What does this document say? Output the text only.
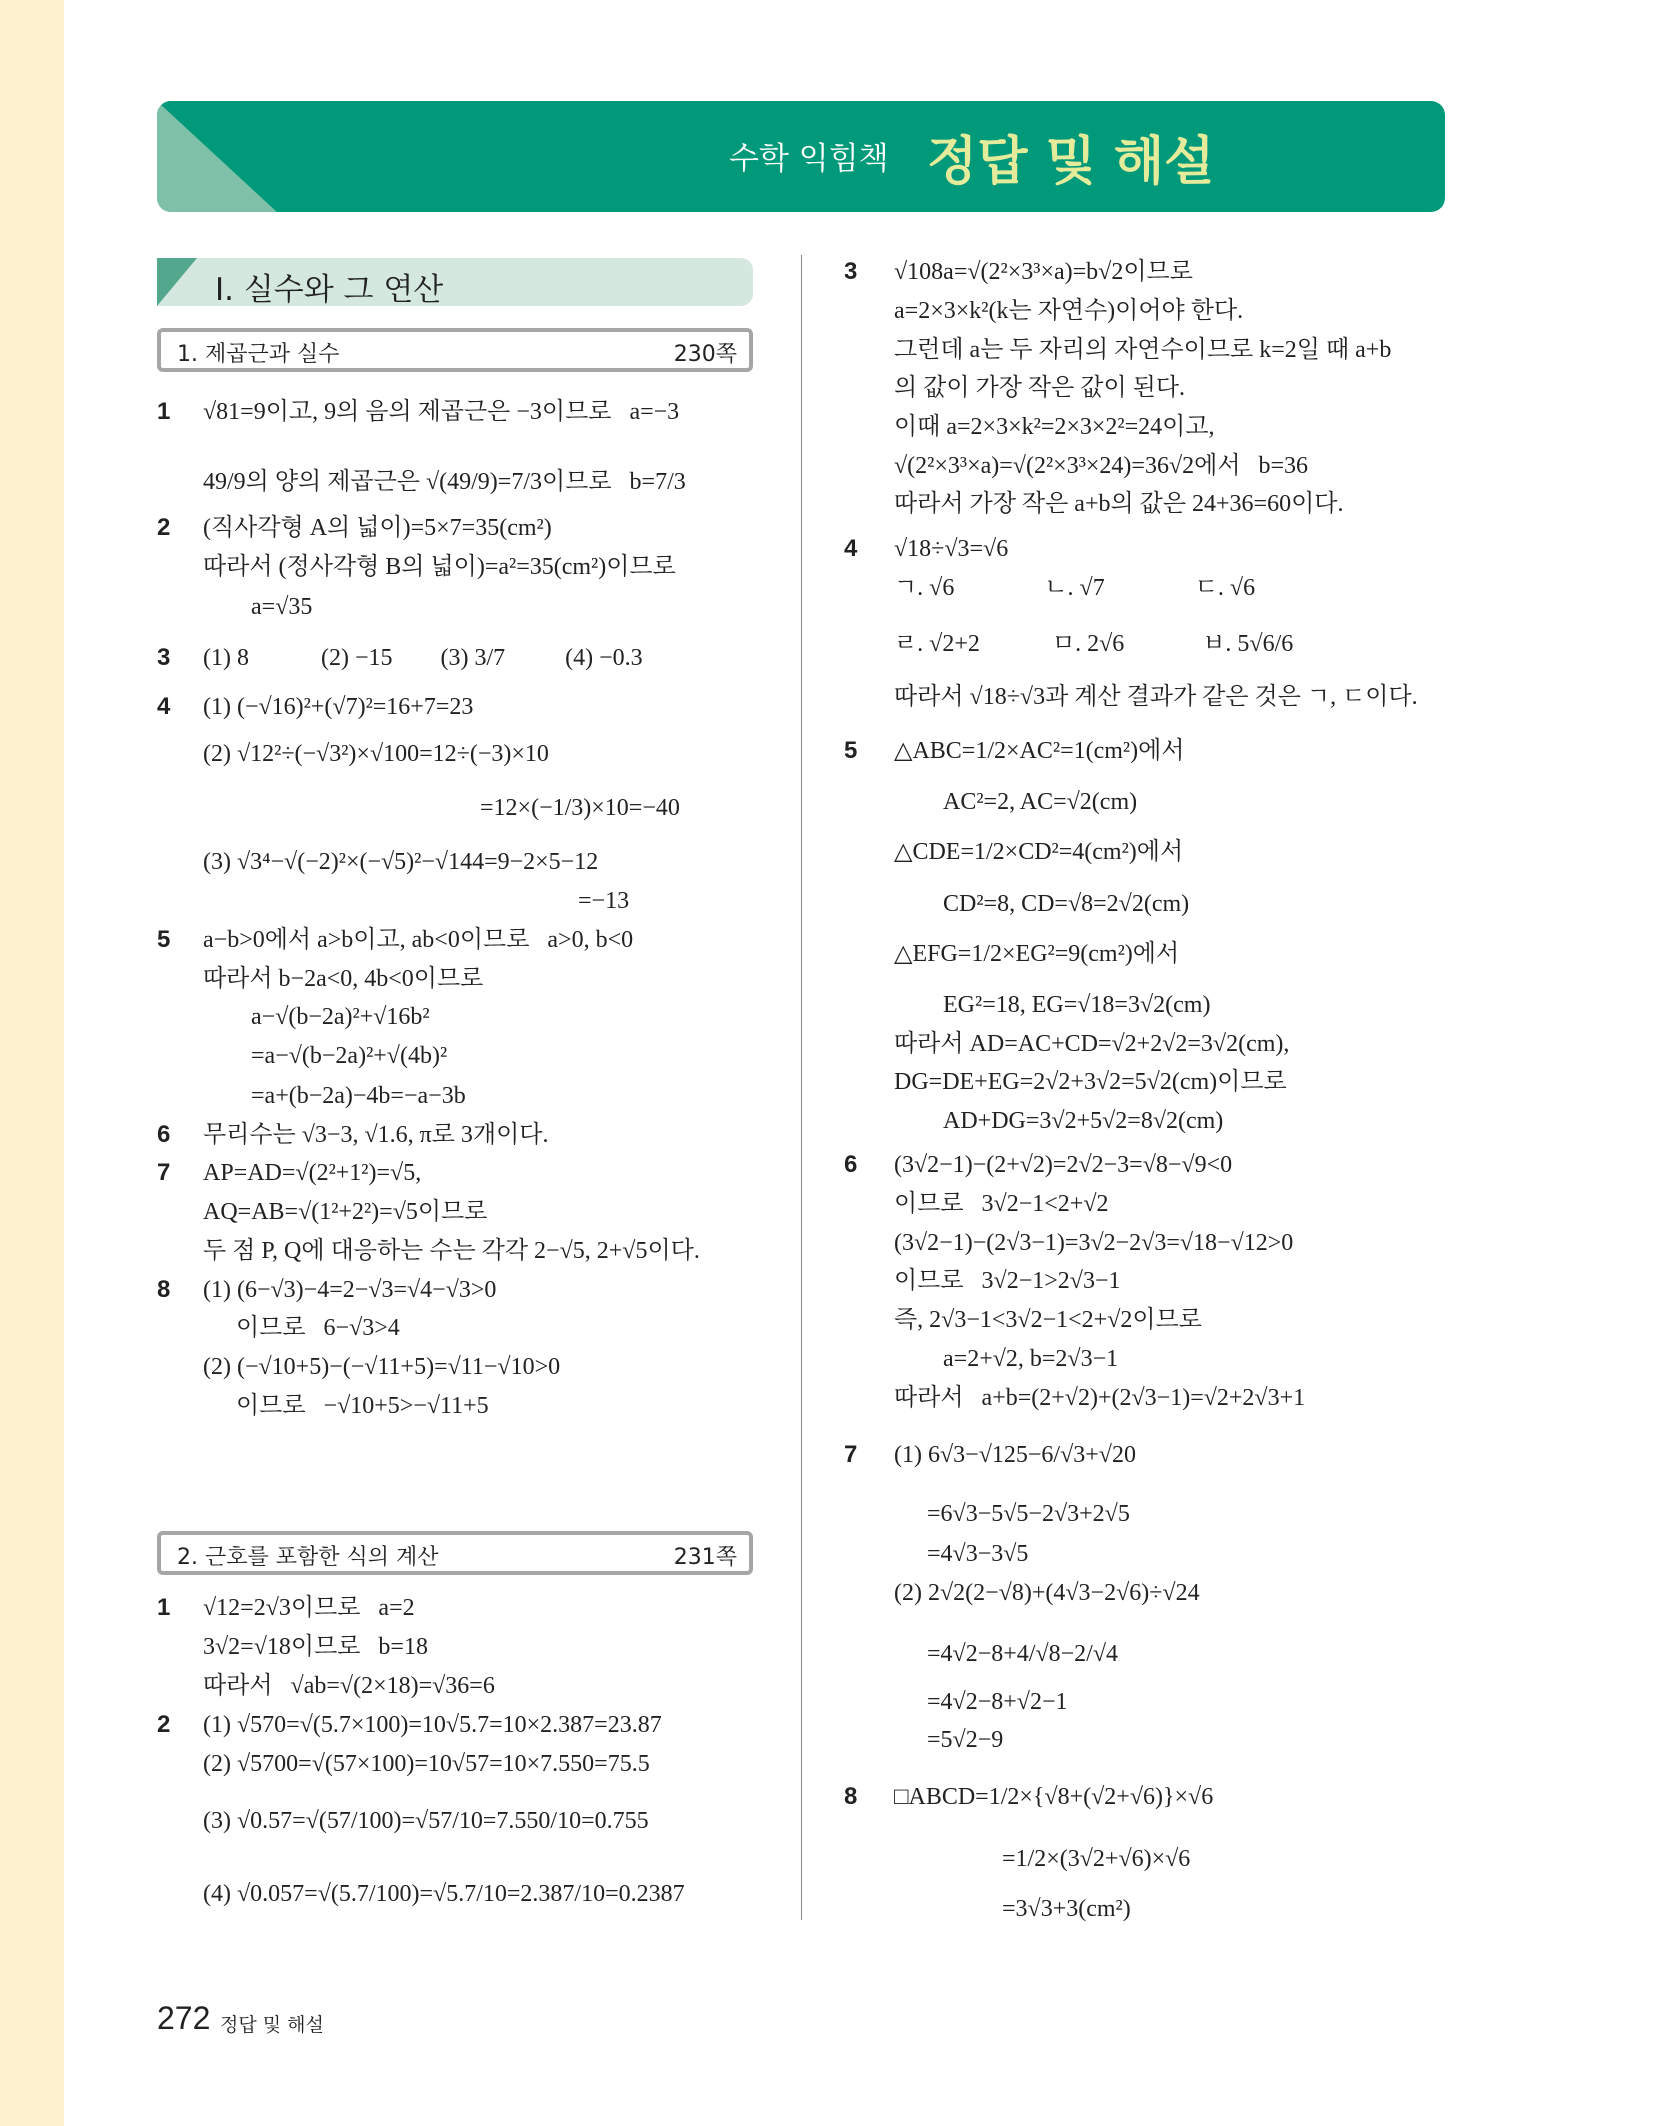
수학 익힘책 정답 및 해설
Ⅰ. 실수와 그 연산
1. 제곱근과 실수	230쪽
2. 근호를 포함한 식의 계산	231쪽
1 √81=9이고, 9의 음의 제곱근은 −3이므로   a=−3
49/9의 양의 제곱근은 √(49/9)=7/3이므로   b=7/3
2 (직사각형 A의 넓이)=5×7=35(cm²)
따라서 (정사각형 B의 넓이)=a²=35(cm²)이므로
a=√35
3 (1) 8            (2) −15        (3) 3/7          (4) −0.3
4 (1) (−√16)²+(√7)²=16+7=23
(2) √12²÷(−√3²)×√100=12÷(−3)×10
=12×(−1/3)×10=−40
(3) √3⁴−√(−2)²×(−√5)²−√144=9−2×5−12
=−13
5 a−b>0에서 a>b이고, ab<0이므로   a>0, b<0
따라서 b−2a<0, 4b<0이므로
a−√(b−2a)²+√16b²
=a−√(b−2a)²+√(4b)²
=a+(b−2a)−4b=−a−3b
6 무리수는 √3−3, √1.6, π로 3개이다.
7 AP=AD=√(2²+1²)=√5,
AQ=AB=√(1²+2²)=√5이므로
두 점 P, Q에 대응하는 수는 각각 2−√5, 2+√5이다.
8 (1) (6−√3)−4=2−√3=√4−√3>0
이므로   6−√3>4
(2) (−√10+5)−(−√11+5)=√11−√10>0
이므로   −√10+5>−√11+5
1 √12=2√3이므로   a=2
3√2=√18이므로   b=18
따라서   √ab=√(2×18)=√36=6
2 (1) √570=√(5.7×100)=10√5.7=10×2.387=23.87
(2) √5700=√(57×100)=10√57=10×7.550=75.5
(3) √0.57=√(57/100)=√57/10=7.550/10=0.755
(4) √0.057=√(5.7/100)=√5.7/10=2.387/10=0.2387
3 √108a=√(2²×3³×a)=b√2이므로
a=2×3×k²(k는 자연수)이어야 한다.
그런데 a는 두 자리의 자연수이므로 k=2일 때 a+b
의 값이 가장 작은 값이 된다.
이때 a=2×3×k²=2×3×2²=24이고,
√(2²×3³×a)=√(2²×3³×24)=36√2에서   b=36
따라서 가장 작은 a+b의 값은 24+36=60이다.
4 √18÷√3=√6
ㄱ. √6               ㄴ. √7               ㄷ. √6
ㄹ. √2+2            ㅁ. 2√6             ㅂ. 5√6/6
따라서 √18÷√3과 계산 결과가 같은 것은 ㄱ, ㄷ이다.
5 △ABC=1/2×AC²=1(cm²)에서
AC²=2, AC=√2(cm)
△CDE=1/2×CD²=4(cm²)에서
CD²=8, CD=√8=2√2(cm)
△EFG=1/2×EG²=9(cm²)에서
EG²=18, EG=√18=3√2(cm)
따라서 AD=AC+CD=√2+2√2=3√2(cm),
DG=DE+EG=2√2+3√2=5√2(cm)이므로
AD+DG=3√2+5√2=8√2(cm)
6 (3√2−1)−(2+√2)=2√2−3=√8−√9<0
이므로   3√2−1<2+√2
(3√2−1)−(2√3−1)=3√2−2√3=√18−√12>0
이므로   3√2−1>2√3−1
즉, 2√3−1<3√2−1<2+√2이므로
a=2+√2, b=2√3−1
따라서   a+b=(2+√2)+(2√3−1)=√2+2√3+1
7 (1) 6√3−√125−6/√3+√20
=6√3−5√5−2√3+2√5
=4√3−3√5
(2) 2√2(2−√8)+(4√3−2√6)÷√24
=4√2−8+4/√8−2/√4
=4√2−8+√2−1
=5√2−9
8 □ABCD=1/2×{√8+(√2+√6)}×√6
=1/2×(3√2+√6)×√6
=3√3+3(cm²)
272 정답 및 해설
